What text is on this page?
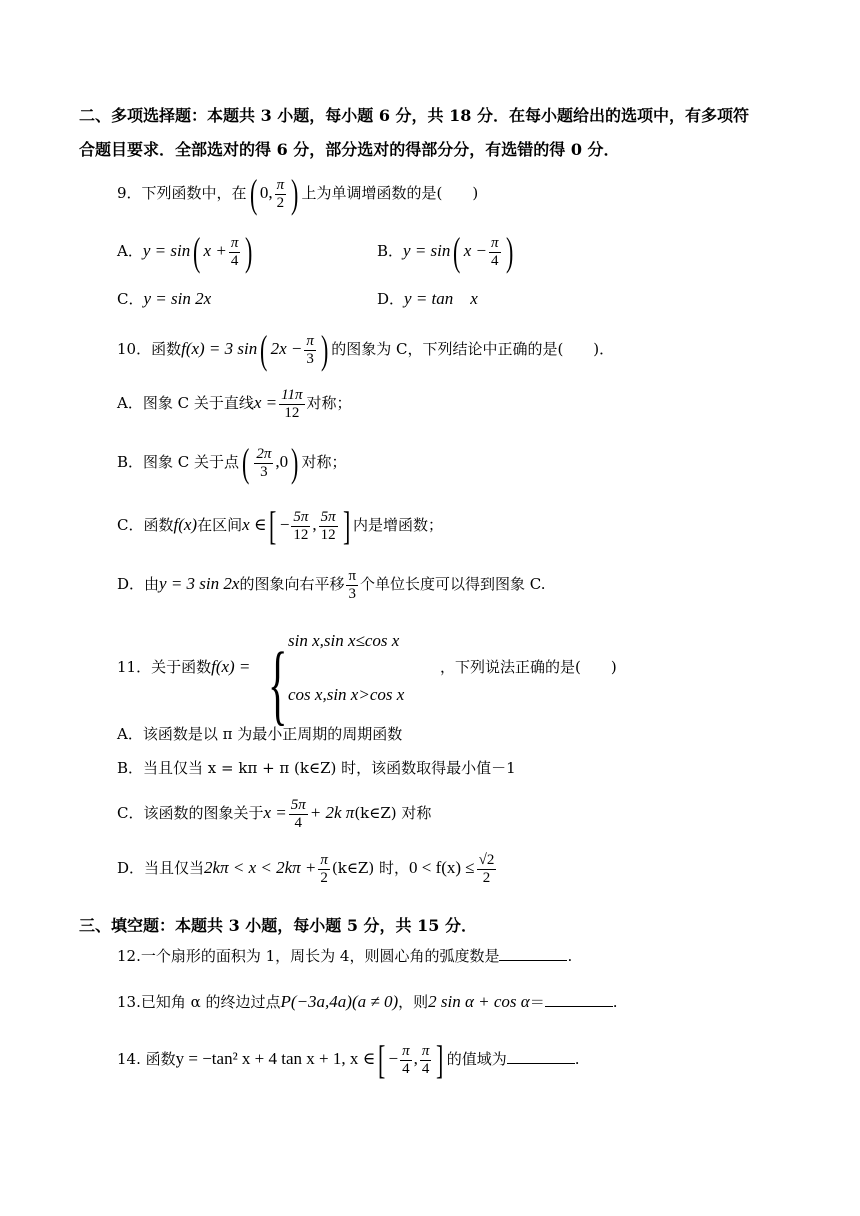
二、多项选择题：本题共 3 小题，每小题 6 分，共 18 分．在每小题给出的选项中，有多项符
合题目要求．全部选对的得 6 分，部分选对的得部分分，有选错的得 0 分．
9．下列函数中，在( 0, $\frac{\pi}{2}$ ) 上为单调增函数的是(　　)
A．y = sin( $x + \frac{\pi}{4}$ )	B．y = sin( $x - \frac{\pi}{4}$ )
C．y = sin 2x	D．y = tan　x
10．函数f(x) = 3 sin( $2x - \frac{\pi}{3}$ ) 的图象为 C，下列结论中正确的是(　　)．
A．图象 C 关于直线$x = \frac{11\pi}{12}$ 对称；
B．图象 C 关于点( $\frac{2\pi}{3} ,0$) 对称；
C．函数f(x)在区间x ∈[ − $\frac{5\pi}{12}$ , $\frac{5\pi}{12}$ ] 内是增函数；
D．由y = 3 sin 2x的图象向右平移 $\frac{\pi}{3}$ 个单位长度可以得到图象 C.
11．关于函数f(x) = { sin x,sin x≤cos x
cos x,sin x>cos x
，下列说法正确的是(　　)
A．该函数是以 π 为最小正周期的周期函数
B．当且仅当 x = kπ + π (k∈Z) 时，该函数取得最小值－1
C．该函数的图象关于$x = \frac{5\pi}{4} + 2k$ π(k∈Z) 对称
D．当且仅当$2k\pi < x < 2k\pi + \frac{\pi}{2}$ (k∈Z) 时，$0 < f(x) \le \frac{√2}{2}$
三、填空题：本题共 3 小题，每小题 5 分，共 15 分．
12.一个扇形的面积为 1，周长为 4，则圆心角的弧度数是	.
13.已知角 α 的终边过点P(−3a,4a)(a ≠ 0)，则2 sin α + cos α＝	.
14. 函数y = −tan² x + 4 tan x + 1, x ∈[ − $\frac{\pi}{4}$ , $\frac{\pi}{4}$ ] 的值域为	.
